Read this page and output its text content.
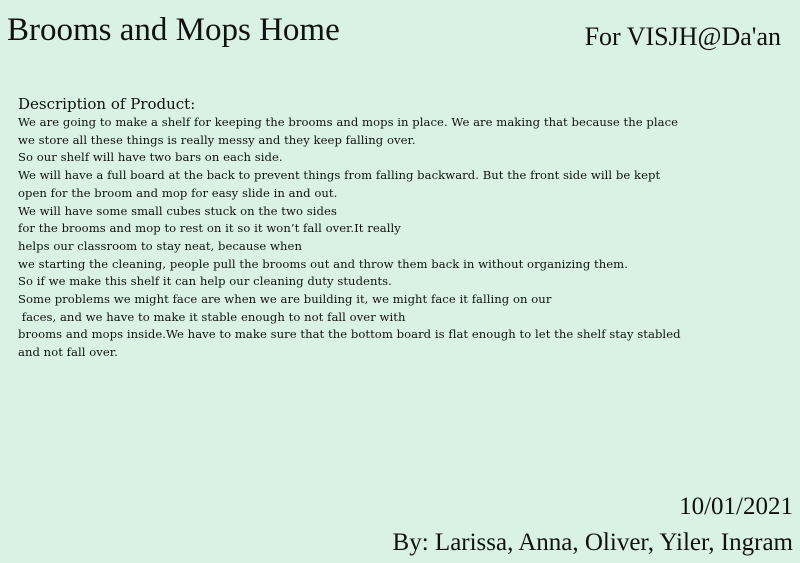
Brooms and Mops Home	For VISJH@Da'an
Description of Product:
We are going to make a shelf for keeping the brooms and mops in place. We are making that because the place
we store all these things is really messy and they keep falling over.
So our shelf will have two bars on each side.
We will have a full board at the back to prevent things from falling backward. But the front side will be kept
open for the broom and mop for easy slide in and out.
We will have some small cubes stuck on the two sides
for the brooms and mop to rest on it so it won’t fall over.It really
helps our classroom to stay neat, because when
we starting the cleaning, people pull the brooms out and throw them back in without organizing them.
So if we make this shelf it can help our cleaning duty students.
Some problems we might face are when we are building it, we might face it falling on our
faces, and we have to make it stable enough to not fall over with
brooms and mops inside.We have to make sure that the bottom board is flat enough to let the shelf stay stabled
and not fall over.
10/01/2021
By: Larissa, Anna, Oliver, Yiler, Ingram
